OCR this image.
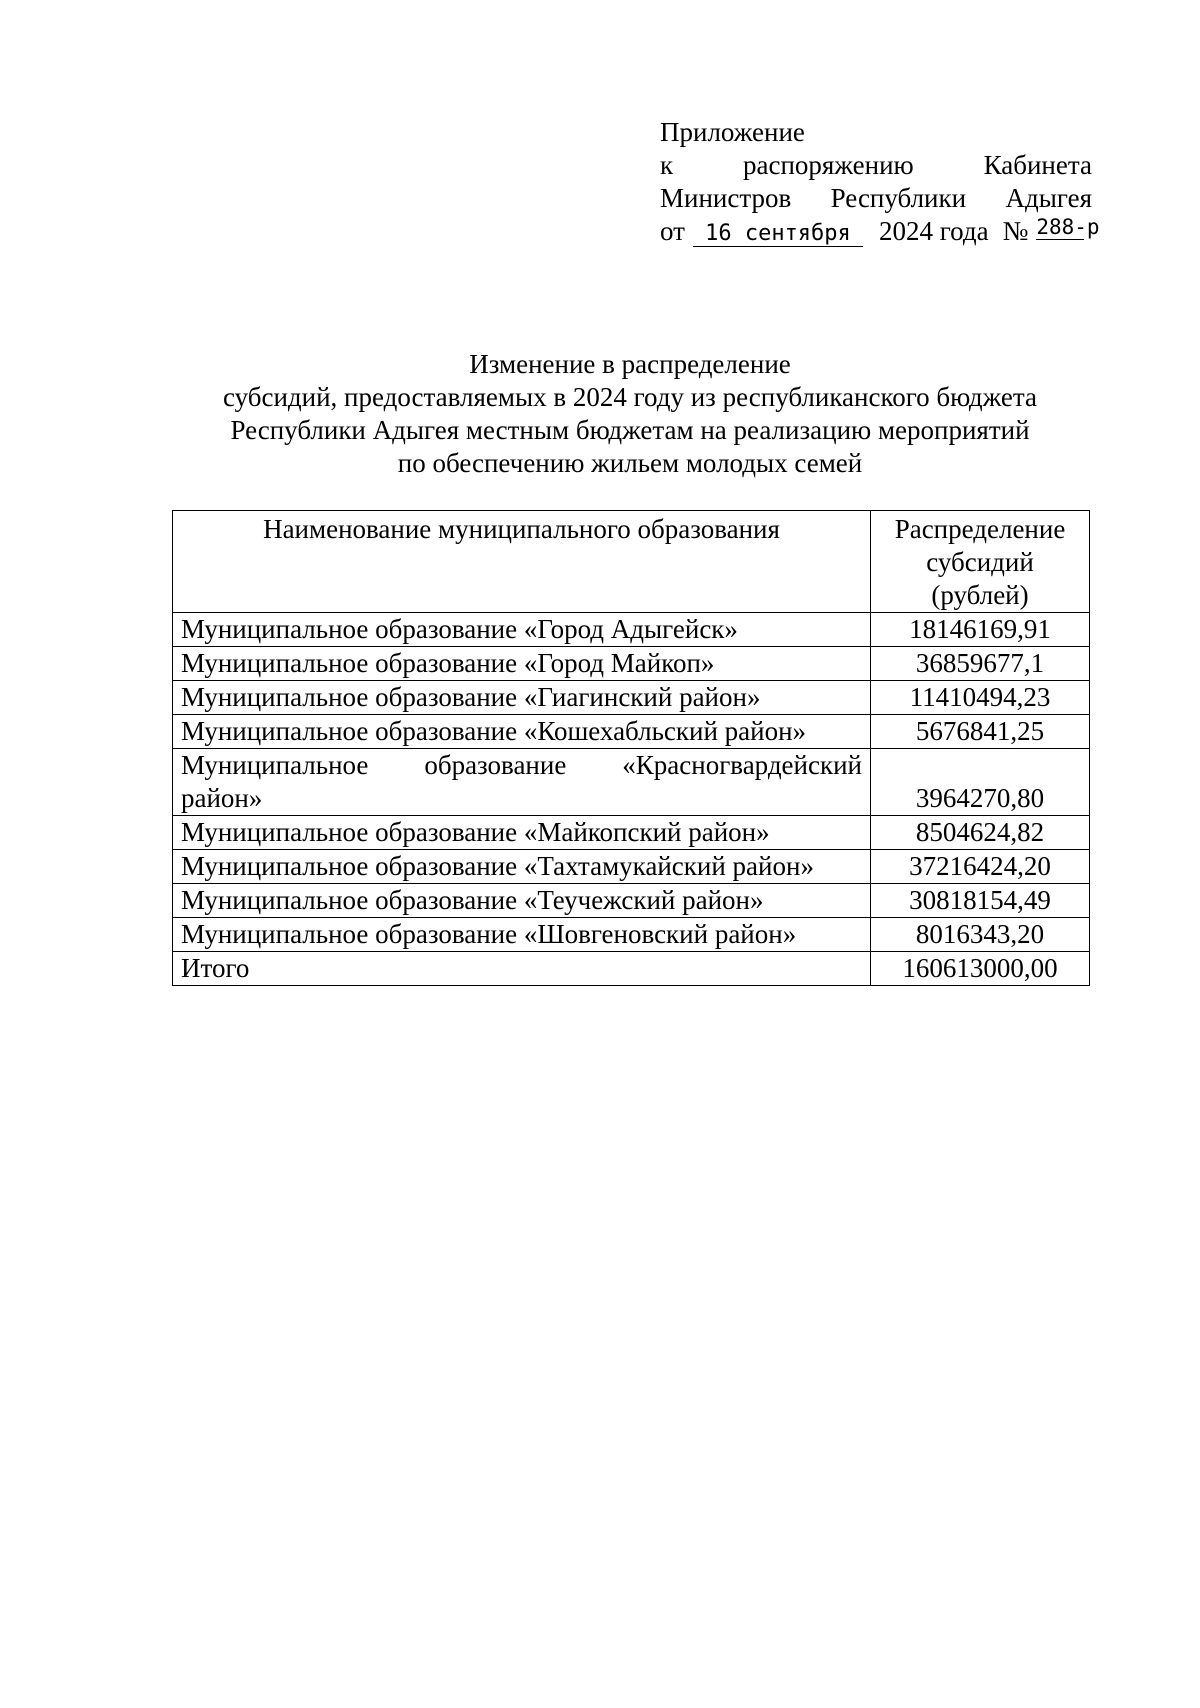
Приложение
к	распоряжению	Кабинета
Министров Республики Адыгея
от 16 сентября	2024 года № 288-р
Изменение в распределение
субсидий, предоставляемых в 2024 году из республиканского бюджета
Республики Адыгея местным бюджетам на реализацию мероприятий
по обеспечению жильем молодых семей
Наименование муниципального образования	Распределение
субсидий
(рублей)

Муниципальное образование «Город Адыгейск»	18146169,91
Муниципальное образование «Город Майкоп»	36859677,1
Муниципальное образование «Гиагинский район»	11410494,23
Муниципальное образование «Кошехабльский район»	5676841,25

Муниципальное образование «Красногвардейский
район»	3964270,80
Муниципальное образование «Майкопский район»	8504624,82
Муниципальное образование «Тахтамукайский район»	37216424,20
Муниципальное образование «Теучежский район»	30818154,49
Муниципальное образование «Шовгеновский район»	8016343,20
Итого	160613000,00
